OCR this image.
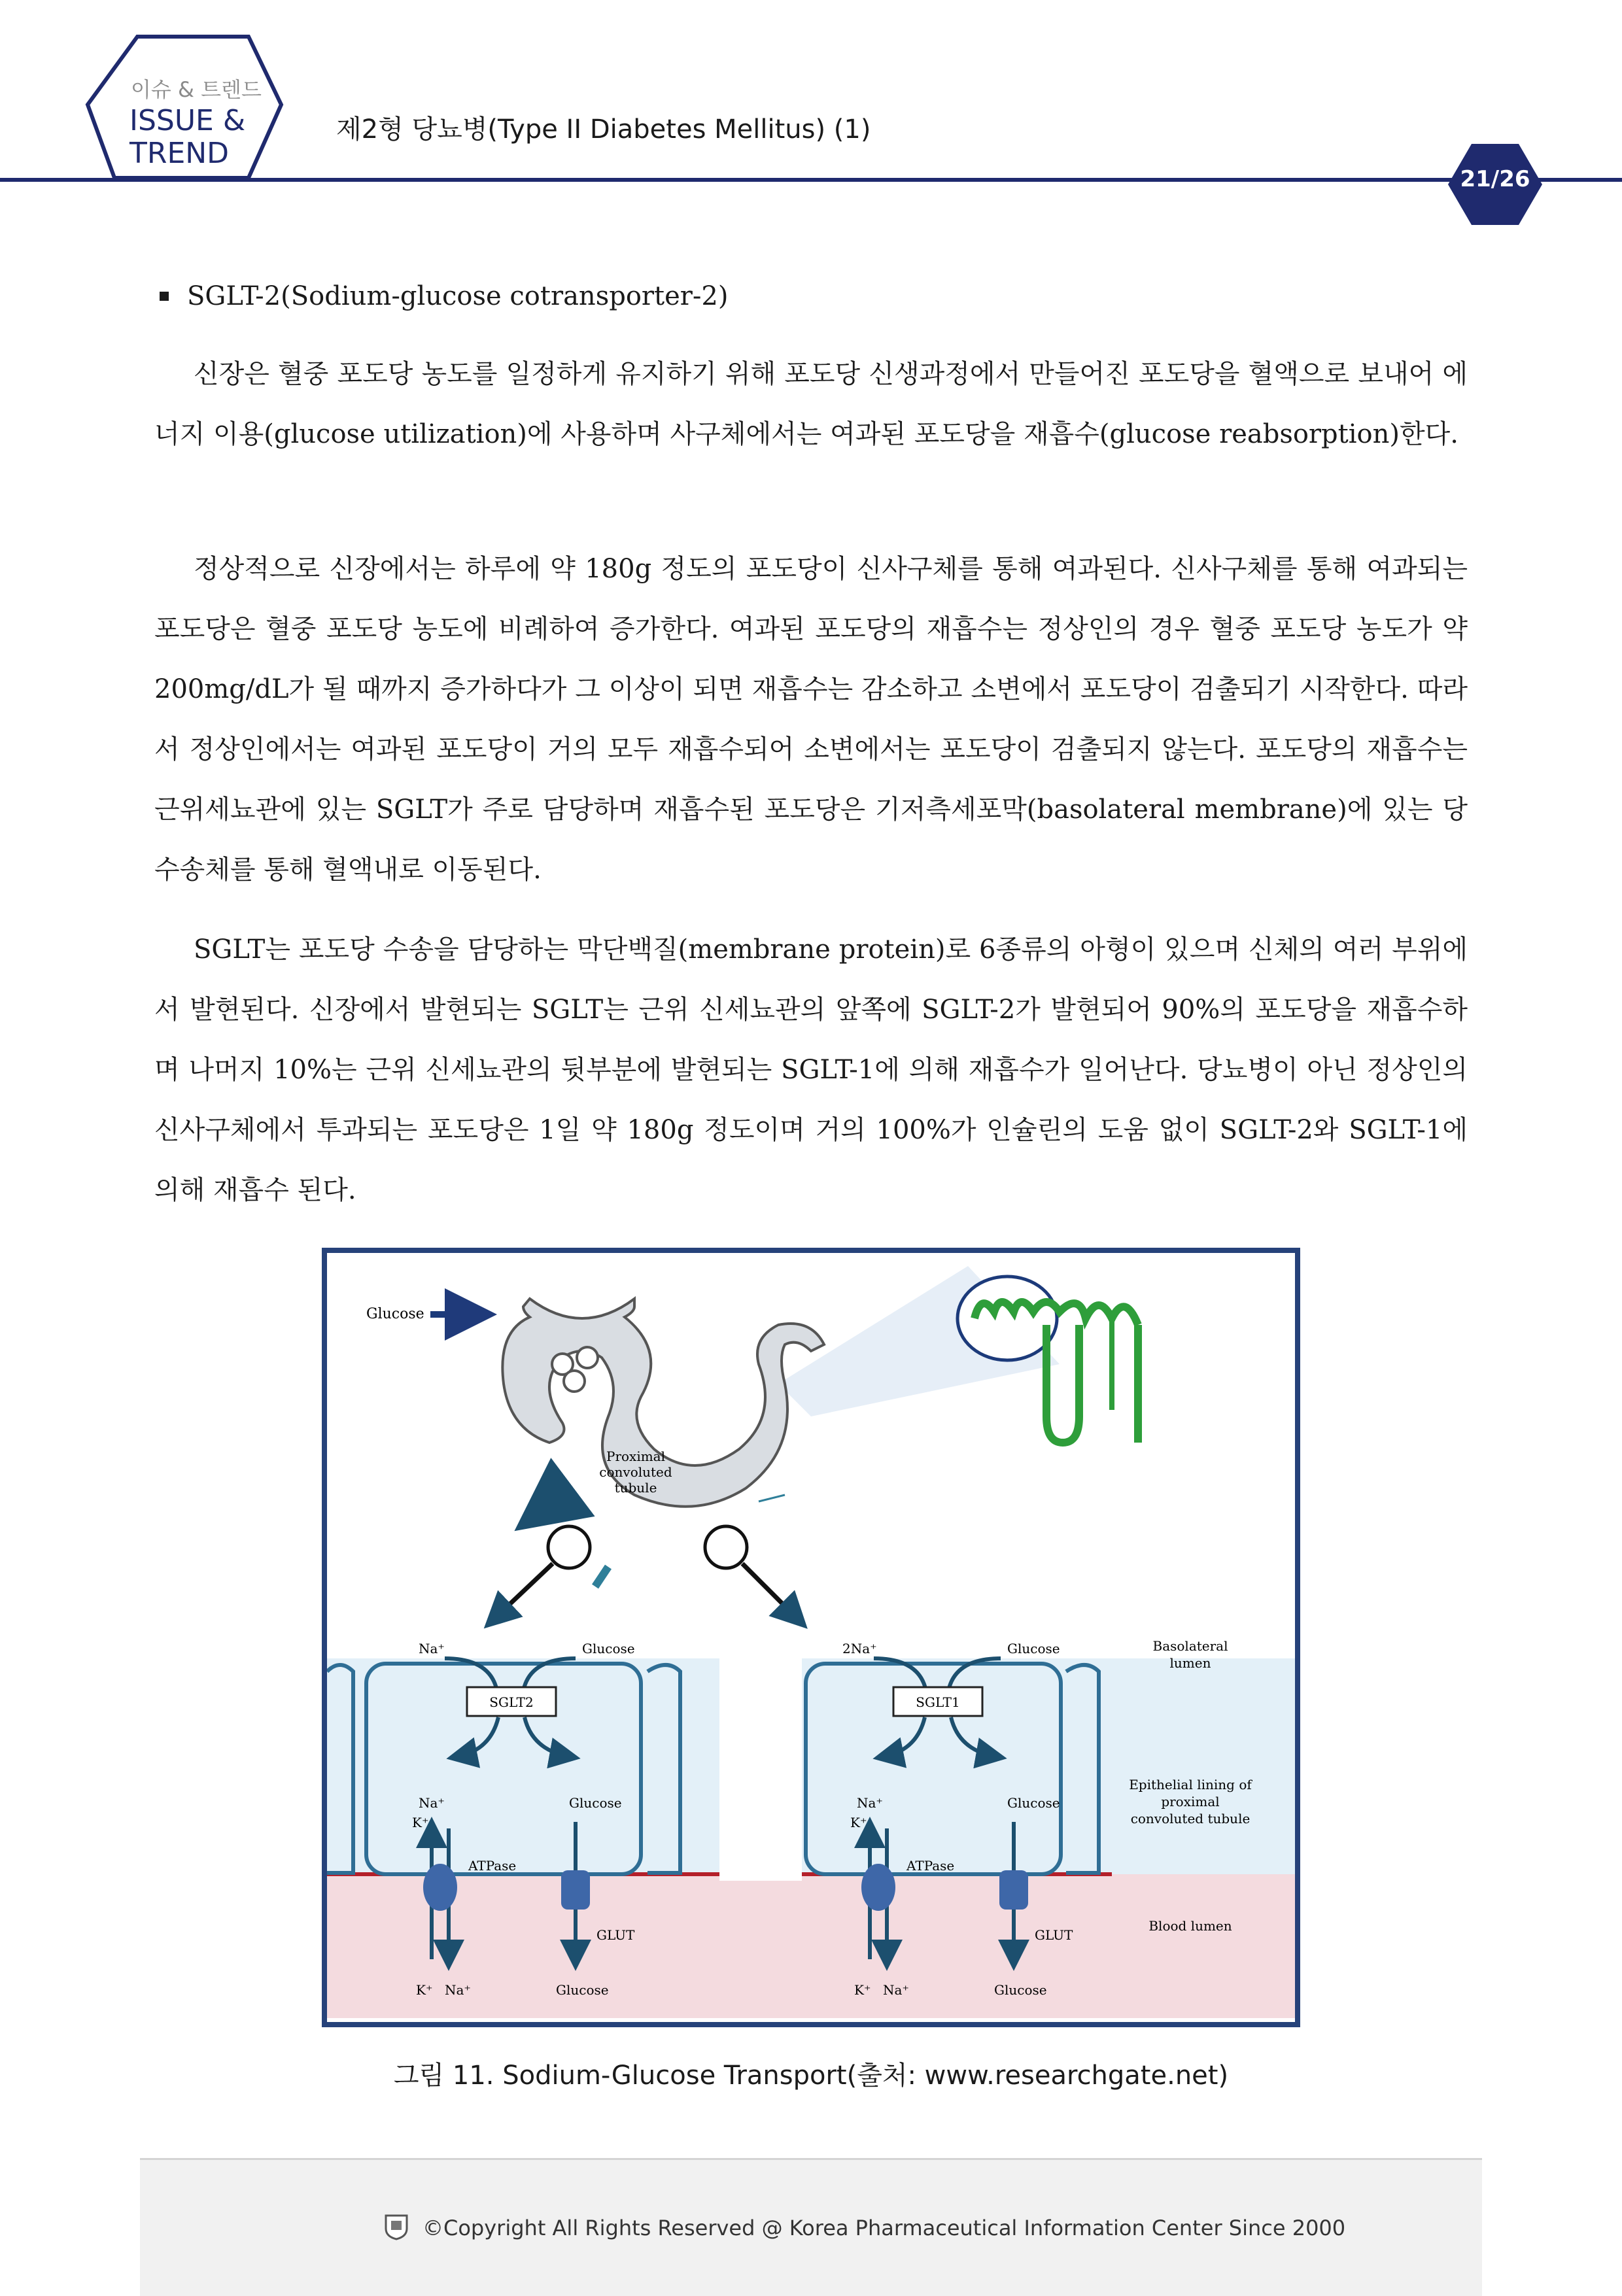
이슈 & 트렌드
ISSUE &
TREND
제2형 당뇨병(Type II Diabetes Mellitus) (1)
21/26
SGLT-2(Sodium-glucose cotransporter-2)

신장은 혈중 포도당 농도를 일정하게 유지하기 위해 포도당 신생과정에서 만들어진 포도당을 혈액으로 보내어 에너지 이용(glucose utilization)에 사용하며 사구체에서는 여과된 포도당을 재흡수(glucose reabsorption)한다.

정상적으로 신장에서는 하루에 약 180g 정도의 포도당이 신사구체를 통해 여과된다. 신사구체를 통해 여과되는 포도당은 혈중 포도당 농도에 비례하여 증가한다. 여과된 포도당의 재흡수는 정상인의 경우 혈중 포도당 농도가 약 200mg/dL가 될 때까지 증가하다가 그 이상이 되면 재흡수는 감소하고 소변에서 포도당이 검출되기 시작한다. 따라서 정상인에서는 여과된 포도당이 거의 모두 재흡수되어 소변에서는 포도당이 검출되지 않는다. 포도당의 재흡수는 근위세뇨관에 있는 SGLT가 주로 담당하며 재흡수된 포도당은 기저측세포막(basolateral membrane)에 있는 당수송체를 통해 혈액내로 이동된다.

SGLT는 포도당 수송을 담당하는 막단백질(membrane protein)로 6종류의 아형이 있으며 신체의 여러 부위에서 발현된다. 신장에서 발현되는 SGLT는 근위 신세뇨관의 앞쪽에 SGLT-2가 발현되어 90%의 포도당을 재흡수하며 나머지 10%는 근위 신세뇨관의 뒷부분에 발현되는 SGLT-1에 의해 재흡수가 일어난다. 당뇨병이 아닌 정상인의 신사구체에서 투과되는 포도당은 1일 약 180g 정도이며 거의 100%가 인슐린의 도움 없이 SGLT-2와 SGLT-1에 의해 재흡수 된다.

Glucose
Proximal
convoluted
tubule
Basolateral
lumen
Epithelial lining of
proximal
convoluted tubule
Blood lumen
Na⁺	Glucose
SGLT2
Na⁺	Glucose
K⁺
ATPase
GLUT
K⁺ Na⁺	Glucose
2Na⁺	Glucose
SGLT1
Na⁺	Glucose
K⁺
ATPase
GLUT
K⁺ Na⁺	Glucose
그림 11. Sodium-Glucose Transport(출처: www.researchgate.net)
©Copyright All Rights Reserved @ Korea Pharmaceutical Information Center Since 2000
